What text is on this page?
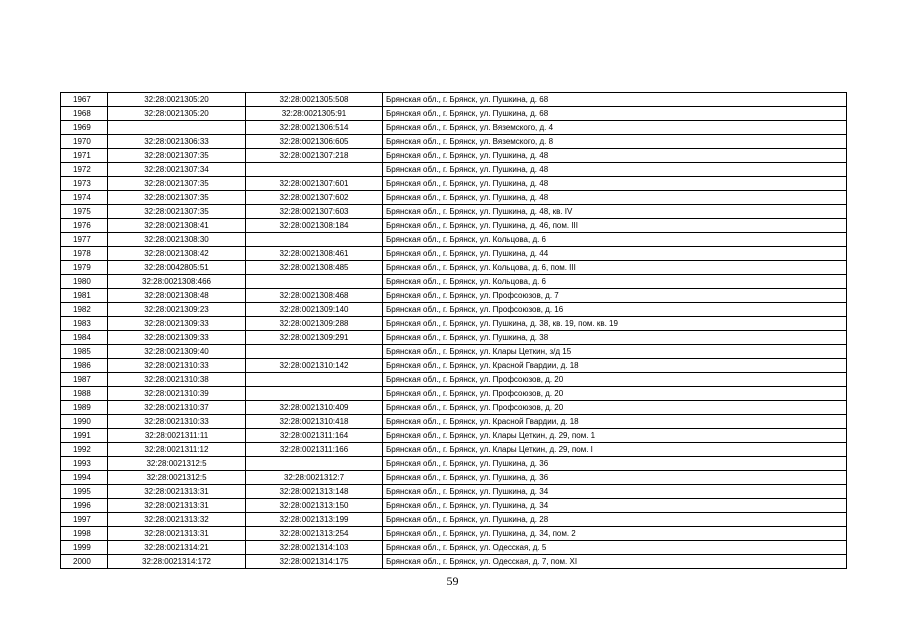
1967	32:28:0021305:20	32:28:0021305:508	Брянская обл., г. Брянск, ул. Пушкина, д. 68
1968	32:28:0021305:20	32:28:0021305:91	Брянская обл., г. Брянск, ул. Пушкина, д. 68
1969		32:28:0021306:514	Брянская обл., г. Брянск, ул. Вяземского, д. 4
1970	32:28:0021306:33	32:28:0021306:605	Брянская обл., г. Брянск, ул. Вяземского, д. 8
1971	32:28:0021307:35	32:28:0021307:218	Брянская обл., г. Брянск, ул. Пушкина, д. 48
1972	32:28:0021307:34		Брянская обл., г. Брянск, ул. Пушкина, д. 48
1973	32:28:0021307:35	32:28:0021307:601	Брянская обл., г. Брянск, ул. Пушкина, д. 48
1974	32:28:0021307:35	32:28:0021307:602	Брянская обл., г. Брянск, ул. Пушкина, д. 48
1975	32:28:0021307:35	32:28:0021307:603	Брянская обл., г. Брянск, ул. Пушкина, д. 48, кв. IV
1976	32:28:0021308:41	32:28:0021308:184	Брянская обл., г. Брянск, ул. Пушкина, д. 46, пом. III
1977	32:28:0021308:30		Брянская обл., г. Брянск, ул. Кольцова, д. 6
1978	32:28:0021308:42	32:28:0021308:461	Брянская обл., г. Брянск, ул. Пушкина, д. 44
1979	32:28:0042805:51	32:28:0021308:485	Брянская обл., г. Брянск, ул. Кольцова, д. 6, пом. III
1980	32:28:0021308:466		Брянская обл., г. Брянск, ул. Кольцова, д. 6
1981	32:28:0021308:48	32:28:0021308:468	Брянская обл., г. Брянск, ул. Профсоюзов, д. 7
1982	32:28:0021309:23	32:28:0021309:140	Брянская обл., г. Брянск, ул. Профсоюзов, д. 16
1983	32:28:0021309:33	32:28:0021309:288	Брянская обл., г. Брянск, ул. Пушкина, д. 38, кв. 19, пом. кв. 19
1984	32:28:0021309:33	32:28:0021309:291	Брянская обл., г. Брянск, ул. Пушкина, д. 38
1985	32:28:0021309:40		Брянская обл., г. Брянск, ул. Клары Цеткин, з/д 15
1986	32:28:0021310:33	32:28:0021310:142	Брянская обл., г. Брянск, ул. Красной Гвардии, д. 18
1987	32:28:0021310:38		Брянская обл., г. Брянск, ул. Профсоюзов, д. 20
1988	32:28:0021310:39		Брянская обл., г. Брянск, ул. Профсоюзов, д. 20
1989	32:28:0021310:37	32:28:0021310:409	Брянская обл., г. Брянск, ул. Профсоюзов, д. 20
1990	32:28:0021310:33	32:28:0021310:418	Брянская обл., г. Брянск, ул. Красной Гвардии, д. 18
1991	32:28:0021311:11	32:28:0021311:164	Брянская обл., г. Брянск, ул. Клары Цеткин, д. 29, пом. 1
1992	32:28:0021311:12	32:28:0021311:166	Брянская обл., г. Брянск, ул. Клары Цеткин, д. 29, пом. I
1993	32:28:0021312:5		Брянская обл., г. Брянск, ул. Пушкина, д. 36
1994	32:28:0021312:5	32:28:0021312:7	Брянская обл., г. Брянск, ул. Пушкина, д. 36
1995	32:28:0021313:31	32:28:0021313:148	Брянская обл., г. Брянск, ул. Пушкина, д. 34
1996	32:28:0021313:31	32:28:0021313:150	Брянская обл., г. Брянск, ул. Пушкина, д. 34
1997	32:28:0021313:32	32:28:0021313:199	Брянская обл., г. Брянск, ул. Пушкина, д. 28
1998	32:28:0021313:31	32:28:0021313:254	Брянская обл., г. Брянск, ул. Пушкина, д. 34, пом. 2
1999	32:28:0021314:21	32:28:0021314:103	Брянская обл., г. Брянск, ул. Одесская, д. 5
2000	32:28:0021314:172	32:28:0021314:175	Брянская обл., г. Брянск, ул. Одесская, д. 7, пом. XI
59
